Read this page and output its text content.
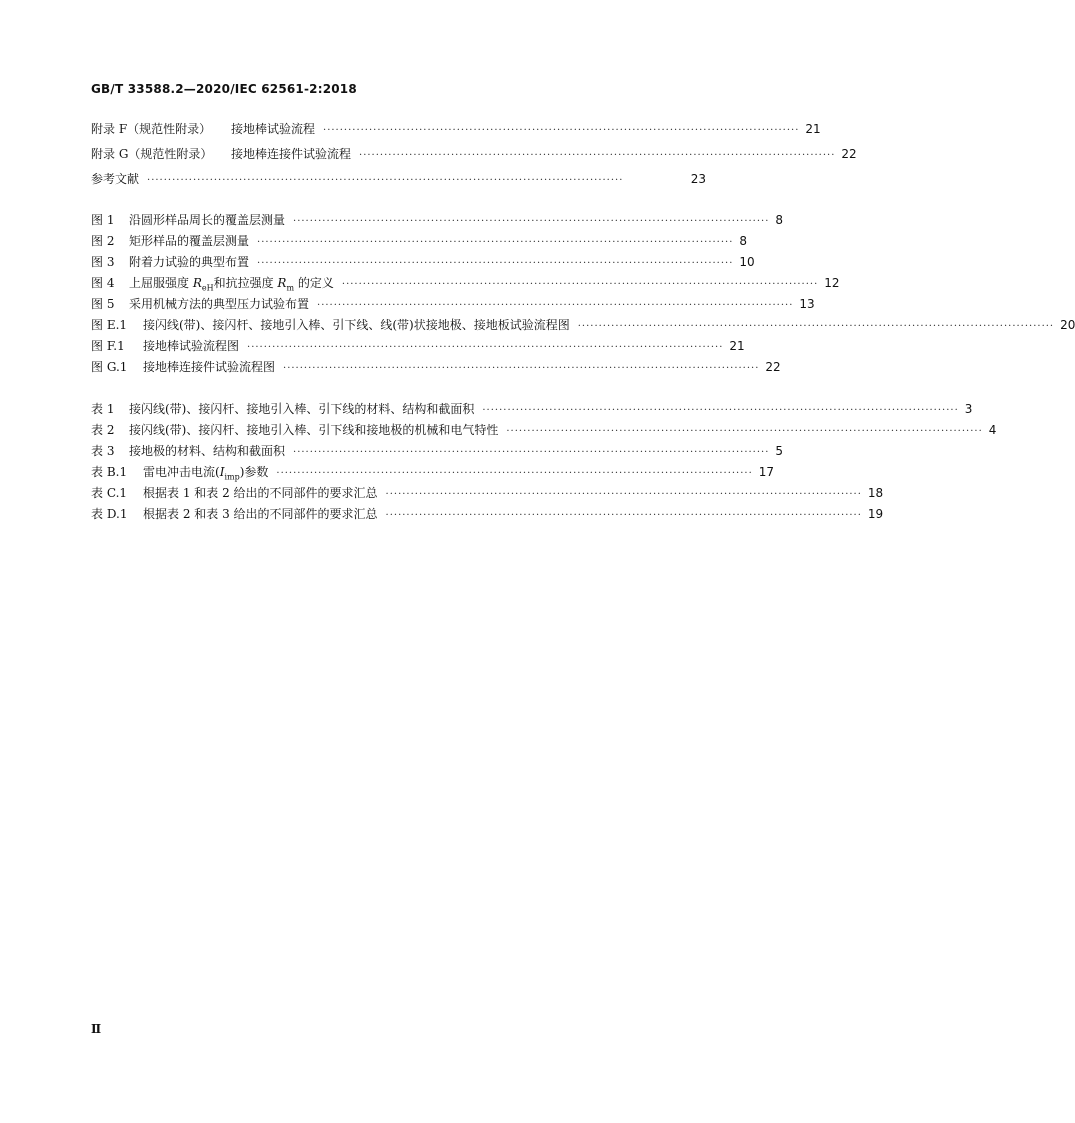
GB/T 33588.2—2020/IEC 62561-2:2018
附录 F（规范性附录）	接地棒试验流程 ·················································································································· 21
附录 G（规范性附录）	接地棒连接件试验流程 ·················································································································· 22
参考文献 ··················································································································	23
图 1	沿圆形样品周长的覆盖层测量 ·················································································································· 8
图 2	矩形样品的覆盖层测量 ·················································································································· 8
图 3	附着力试验的典型布置 ·················································································································· 10
图 4	上屈服强度 $R_{eH}$和抗拉强度 $R_m$ 的定义 ·················································································································· 12
图 5	采用机械方法的典型压力试验布置 ·················································································································· 13
图 E.1	接闪线(带)、接闪杆、接地引入棒、引下线、线(带)状接地极、接地板试验流程图 ·················································································································· 20
图 F.1	接地棒试验流程图 ·················································································································· 21
图 G.1	接地棒连接件试验流程图 ·················································································································· 22
表 1	接闪线(带)、接闪杆、接地引入棒、引下线的材料、结构和截面积 ·················································································································· 3
表 2	接闪线(带)、接闪杆、接地引入棒、引下线和接地极的机械和电气特性 ·················································································································· 4
表 3	接地极的材料、结构和截面积 ·················································································································· 5
表 B.1	雷电冲击电流$(I_{imp})$参数 ·················································································································· 17
表 C.1	根据表 1 和表 2 给出的不同部件的要求汇总 ·················································································································· 18
表 D.1	根据表 2 和表 3 给出的不同部件的要求汇总 ·················································································································· 19
Ⅱ
